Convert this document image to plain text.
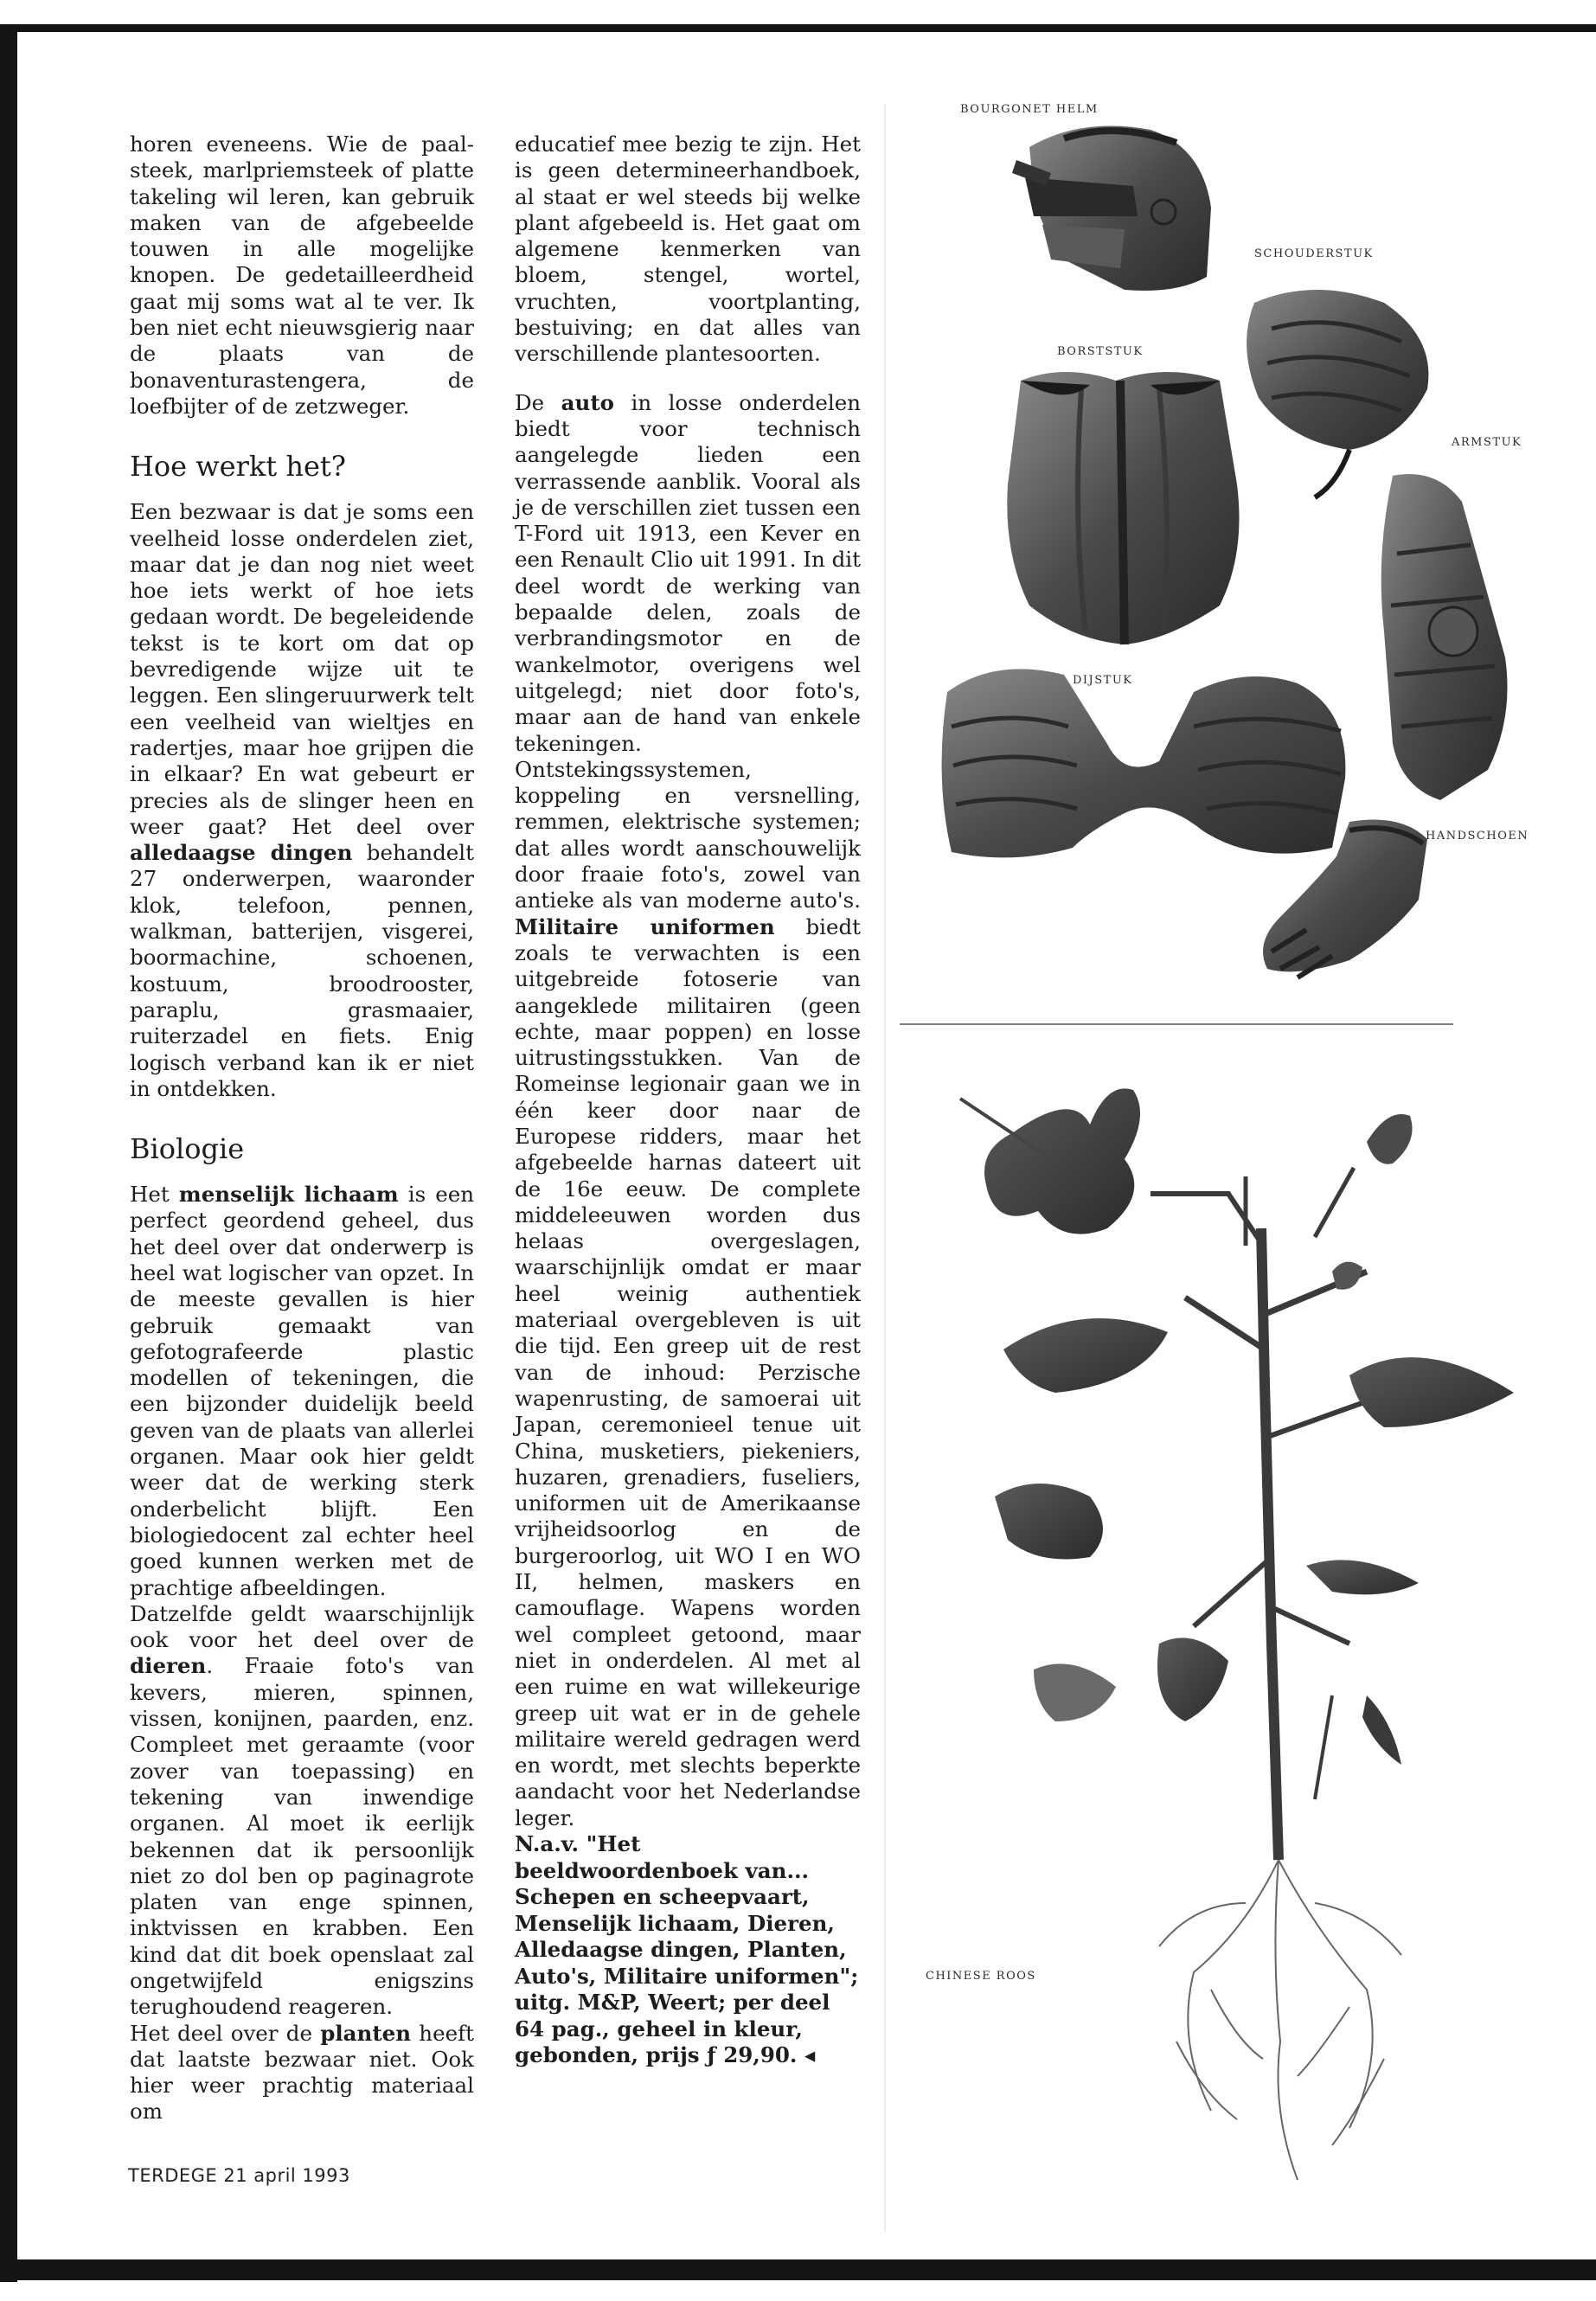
horen eveneens. Wie de paal-steek, marlpriemsteek of platte takeling wil leren, kan gebruik maken van de afgebeelde touwen in alle mogelijke knopen. De gedetailleerdheid gaat mij soms wat al te ver. Ik ben niet echt nieuwsgierig naar de plaats van de bonaventurastengera, de loefbijter of de zetzweger.

Hoe werkt het?

Een bezwaar is dat je soms een veelheid losse onderdelen ziet, maar dat je dan nog niet weet hoe iets werkt of hoe iets gedaan wordt. De begeleidende tekst is te kort om dat op bevredigende wijze uit te leggen. Een slingeruurwerk telt een veelheid van wieltjes en radertjes, maar hoe grijpen die in elkaar? En wat gebeurt er precies als de slinger heen en weer gaat? Het deel over alledaagse dingen behandelt 27 onderwerpen, waaronder klok, telefoon, pennen, walkman, batterijen, visgerei, boormachine, schoenen, kostuum, broodrooster, paraplu, grasmaaier, ruiterzadel en fiets. Enig logisch verband kan ik er niet in ontdekken.

Biologie

Het menselijk lichaam is een perfect geordend geheel, dus het deel over dat onderwerp is heel wat logischer van opzet. In de meeste gevallen is hier gebruik gemaakt van gefotografeerde plastic modellen of tekeningen, die een bijzonder duidelijk beeld geven van de plaats van allerlei organen. Maar ook hier geldt weer dat de werking sterk onderbelicht blijft. Een biologiedocent zal echter heel goed kunnen werken met de prachtige afbeeldingen.

Datzelfde geldt waarschijnlijk ook voor het deel over de dieren. Fraaie foto's van kevers, mieren, spinnen, vissen, konijnen, paarden, enz. Compleet met geraamte (voor zover van toepassing) en tekening van inwendige organen. Al moet ik eerlijk bekennen dat ik persoonlijk niet zo dol ben op paginagrote platen van enge spinnen, inktvissen en krabben. Een kind dat dit boek openslaat zal ongetwijfeld enigszins terughoudend reageren.

Het deel over de planten heeft dat laatste bezwaar niet. Ook hier weer prachtig materiaal om

educatief mee bezig te zijn. Het is geen determineerhandboek, al staat er wel steeds bij welke plant afgebeeld is. Het gaat om algemene kenmerken van bloem, stengel, wortel, vruchten, voortplanting, bestuiving; en dat alles van verschillende plantesoorten.

De auto in losse onderdelen biedt voor technisch aangelegde lieden een verrassende aanblik. Vooral als je de verschillen ziet tussen een T-Ford uit 1913, een Kever en een Renault Clio uit 1991. In dit deel wordt de werking van bepaalde delen, zoals de verbrandingsmotor en de wankelmotor, overigens wel uitgelegd; niet door foto's, maar aan de hand van enkele tekeningen. Ontstekingssystemen, koppeling en versnelling, remmen, elektrische systemen; dat alles wordt aanschouwelijk door fraaie foto's, zowel van antieke als van moderne auto's. Militaire uniformen biedt zoals te verwachten is een uitgebreide fotoserie van aangeklede militairen (geen echte, maar poppen) en losse uitrustingsstukken. Van de Romeinse legionair gaan we in één keer door naar de Europese ridders, maar het afgebeelde harnas dateert uit de 16e eeuw. De complete middeleeuwen worden dus helaas overgeslagen, waarschijnlijk omdat er maar heel weinig authentiek materiaal overgebleven is uit die tijd. Een greep uit de rest van de inhoud: Perzische wapenrusting, de samoerai uit Japan, ceremonieel tenue uit China, musketiers, piekeniers, huzaren, grenadiers, fuseliers, uniformen uit de Amerikaanse vrijheidsoorlog en de burgeroorlog, uit WO I en WO II, helmen, maskers en camouflage. Wapens worden wel compleet getoond, maar niet in onderdelen. Al met al een ruime en wat willekeurige greep uit wat er in de gehele militaire wereld gedragen werd en wordt, met slechts beperkte aandacht voor het Nederlandse leger.

N.a.v. "Het beeldwoordenboek van... Schepen en scheepvaart, Menselijk lichaam, Dieren, Alledaagse dingen, Planten, Auto's, Militaire uniformen"; uitg. M&P, Weert; per deel 64 pag., geheel in kleur, gebonden, prijs ƒ 29,90. ◂

TERDEGE 21 april 1993
BOURGONET HELM
SCHOUDERSTUK
BORSTSTUK
ARMSTUK
DIJSTUK
HANDSCHOEN
CHINESE ROOS
